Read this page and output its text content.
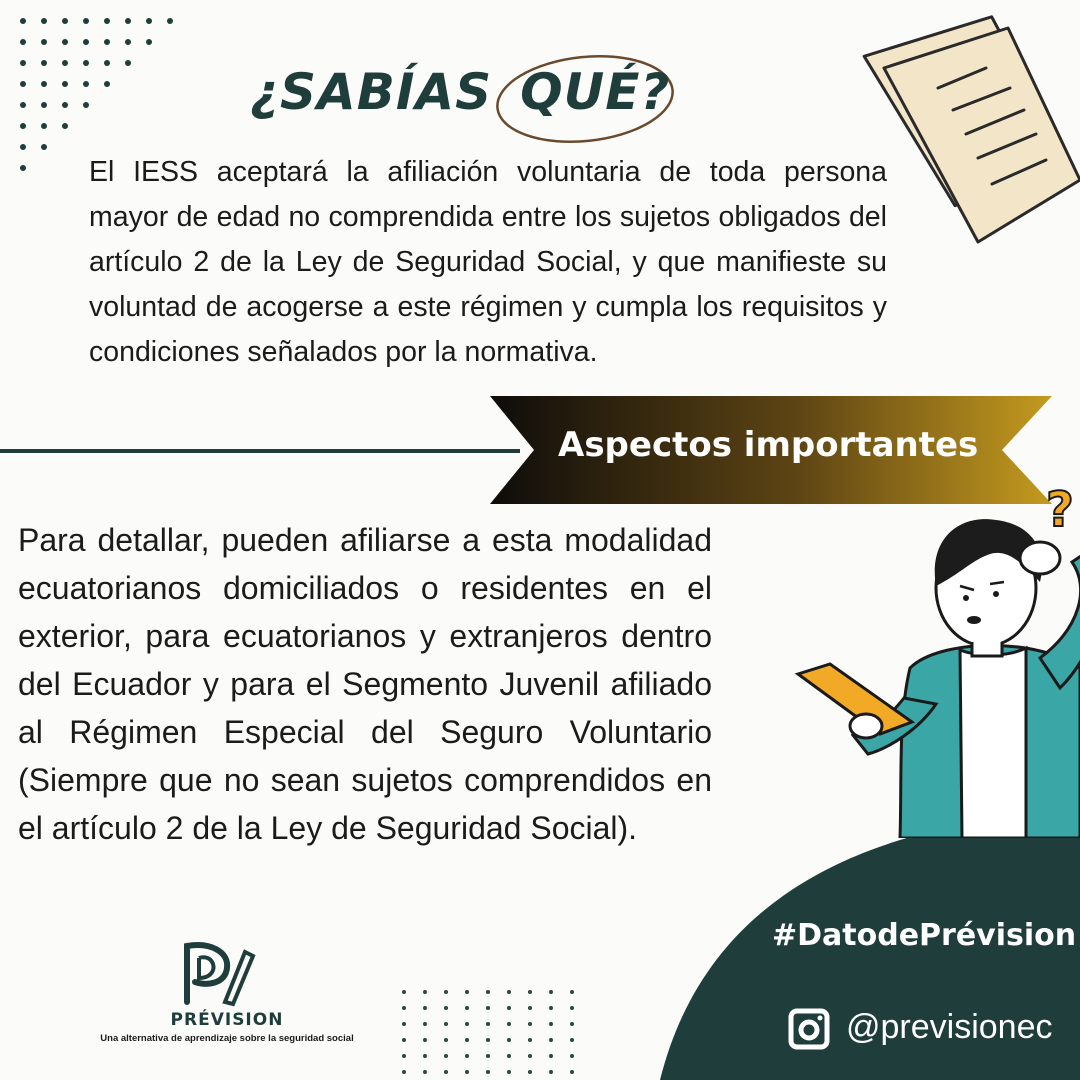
¿SABÍAS QUÉ?
El IESS aceptará la afiliación voluntaria de toda persona mayor de edad no comprendida entre los sujetos obligados del artículo 2 de la Ley de Seguridad Social, y que manifieste su voluntad de acogerse a este régimen y cumpla los requisitos y condiciones señalados por la normativa.
Aspectos importantes
Para detallar, pueden afiliarse a esta modalidad ecuatorianos domiciliados o residentes en el exterior, para ecuatorianos y extranjeros dentro del Ecuador y para el Segmento Juvenil afiliado al Régimen Especial del Seguro Voluntario (Siempre que no sean sujetos comprendidos en el artículo 2 de la Ley de Seguridad Social).
?
#DatodePrévision
@previsionec
PRÉVISION
Una alternativa de aprendizaje sobre la seguridad social
